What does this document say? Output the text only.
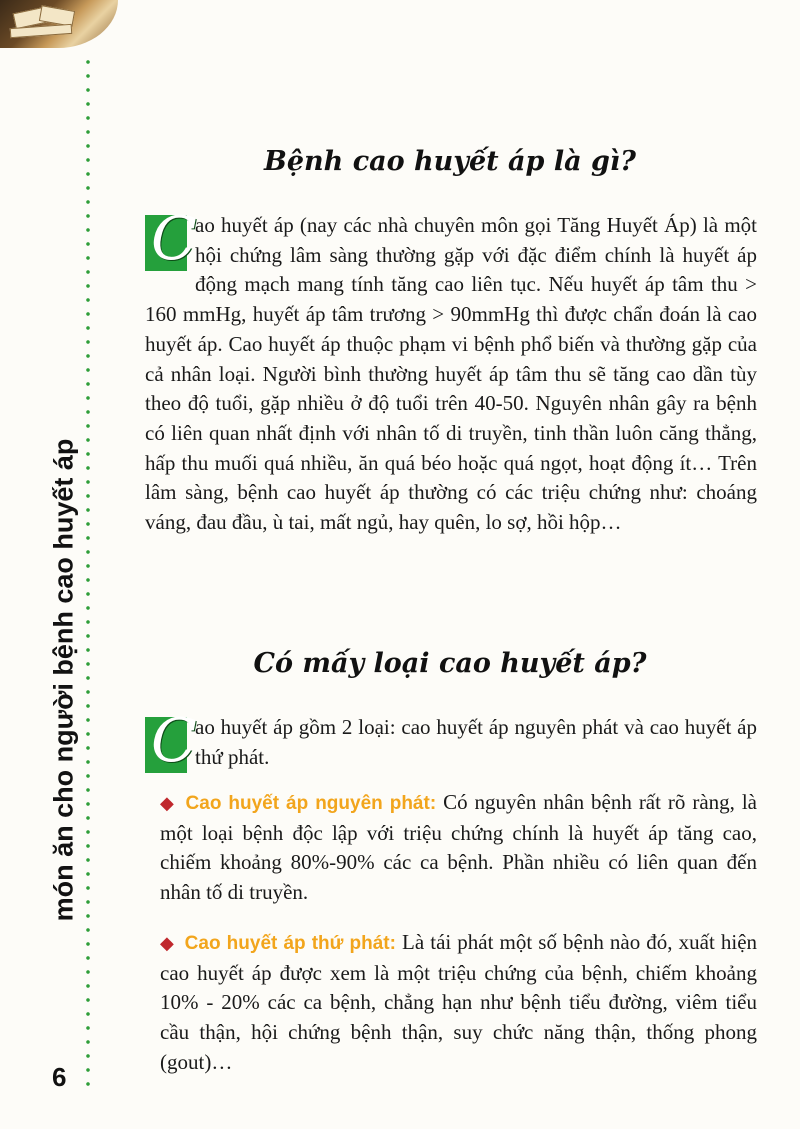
món ăn cho người bệnh cao huyết áp
6
Bệnh cao huyết áp là gì?
C
ao huyết áp (nay các nhà chuyên môn gọi Tăng Huyết Áp) là một hội chứng lâm sàng thường gặp với đặc điểm chính là huyết áp động mạch mang tính tăng cao liên tục. Nếu huyết áp tâm thu > 160 mmHg, huyết áp tâm trương > 90mmHg thì được chẩn đoán là cao huyết áp. Cao huyết áp thuộc phạm vi bệnh phổ biến và thường gặp của cả nhân loại. Người bình thường huyết áp tâm thu sẽ tăng cao dần tùy theo độ tuổi, gặp nhiều ở độ tuổi trên 40-50. Nguyên nhân gây ra bệnh có liên quan nhất định với nhân tố di truyền, tinh thần luôn căng thẳng, hấp thu muối quá nhiều, ăn quá béo hoặc quá ngọt, hoạt động ít… Trên lâm sàng, bệnh cao huyết áp thường có các triệu chứng như: choáng váng, đau đầu, ù tai, mất ngủ, hay quên, lo sợ, hồi hộp…
Có mấy loại cao huyết áp?
C
ao huyết áp gồm 2 loại: cao huyết áp nguyên phát và cao huyết áp thứ phát.
◆ Cao huyết áp nguyên phát: Có nguyên nhân bệnh rất rõ ràng, là một loại bệnh độc lập với triệu chứng chính là huyết áp tăng cao, chiếm khoảng 80%-90% các ca bệnh. Phần nhiều có liên quan đến nhân tố di truyền.
◆ Cao huyết áp thứ phát: Là tái phát một số bệnh nào đó, xuất hiện cao huyết áp được xem là một triệu chứng của bệnh, chiếm khoảng 10% - 20% các ca bệnh, chẳng hạn như bệnh tiểu đường, viêm tiểu cầu thận, hội chứng bệnh thận, suy chức năng thận, thống phong (gout)…
